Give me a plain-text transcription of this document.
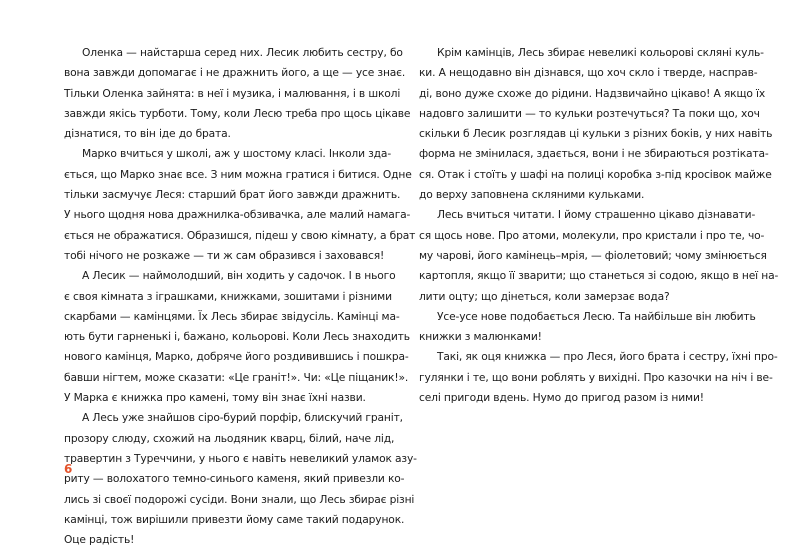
Оленка — найстарша серед них. Лесик любить сестру, бо
вона завжди допомагає і не дражнить його, а ще — усе знає.
Тільки Оленка зайнята: в неї і музика, і малювання, і в школі
завжди якісь турботи. Тому, коли Лесю треба про щось цікаве
дізнатися, то він іде до брата.
Марко вчиться у школі, аж у шостому класі. Інколи зда-
ється, що Марко знає все. З ним можна гратися і битися. Одне
тільки засмучує Леся: старший брат його завжди дражнить.
У нього щодня нова дражнилка-обзивачка, але малий намага-
ється не ображатися. Образишся, підеш у свою кімнату, а брат
тобі нічого не розкаже — ти ж сам образився і заховався!
А Лесик — наймолодший, він ходить у садочок. І в нього
є своя кімната з іграшками, книжками, зошитами і різними
скарбами — камінцями. Їх Лесь збирає звідусіль. Камінці ма-
ють бути гарненькі і, бажано, кольорові. Коли Лесь знаходить
нового камінця, Марко, добряче його роздивившись і пошкра-
бавши нігтем, може сказати: «Це граніт!». Чи: «Це піщаник!».
У Марка є книжка про камені, тому він знає їхні назви.
А Лесь уже знайшов сіро-бурий порфір, блискучий граніт,
прозору слюду, схожий на льодяник кварц, білий, наче лід,
травертин з Туреччини, у нього є навіть невеликий уламок азу-
риту — волохатого темно-синього каменя, який привезли ко-
лись зі своєї подорожі сусіди. Вони знали, що Лесь збирає різні
камінці, тож вирішили привезти йому саме такий подарунок.
Оце радість!
Крім камінців, Лесь збирає невеликі кольорові скляні куль-
ки. А нещодавно він дізнався, що хоч скло і тверде, насправ-
ді, воно дуже схоже до рідини. Надзвичайно цікаво! А якщо їх
надовго залишити — то кульки розтечуться? Та поки що, хоч
скільки б Лесик розглядав ці кульки з різних боків, у них навіть
форма не змінилася, здається, вони і не збираються розтіката-
ся. Отак і стоїть у шафі на полиці коробка з-під кросівок майже
до верху заповнена скляними кульками.
Лесь вчиться читати. І йому страшенно цікаво дізнавати-
ся щось нове. Про атоми, молекули, про кристали і про те, чо-
му чарові, його камінець–мрія, — фіолетовий; чому змінюється
картопля, якщо її зварити; що станеться зі содою, якщо в неї на-
лити оцту; що дінеться, коли замерзає вода?
Усе-усе нове подобається Лесю. Та найбільше він любить
книжки з малюнками!
Такі, як оця книжка — про Леся, його брата і сестру, їхні про-
гулянки і те, що вони роблять у вихідні. Про казочки на ніч і ве-
селі пригоди вдень. Нумо до пригод разом із ними!
6
